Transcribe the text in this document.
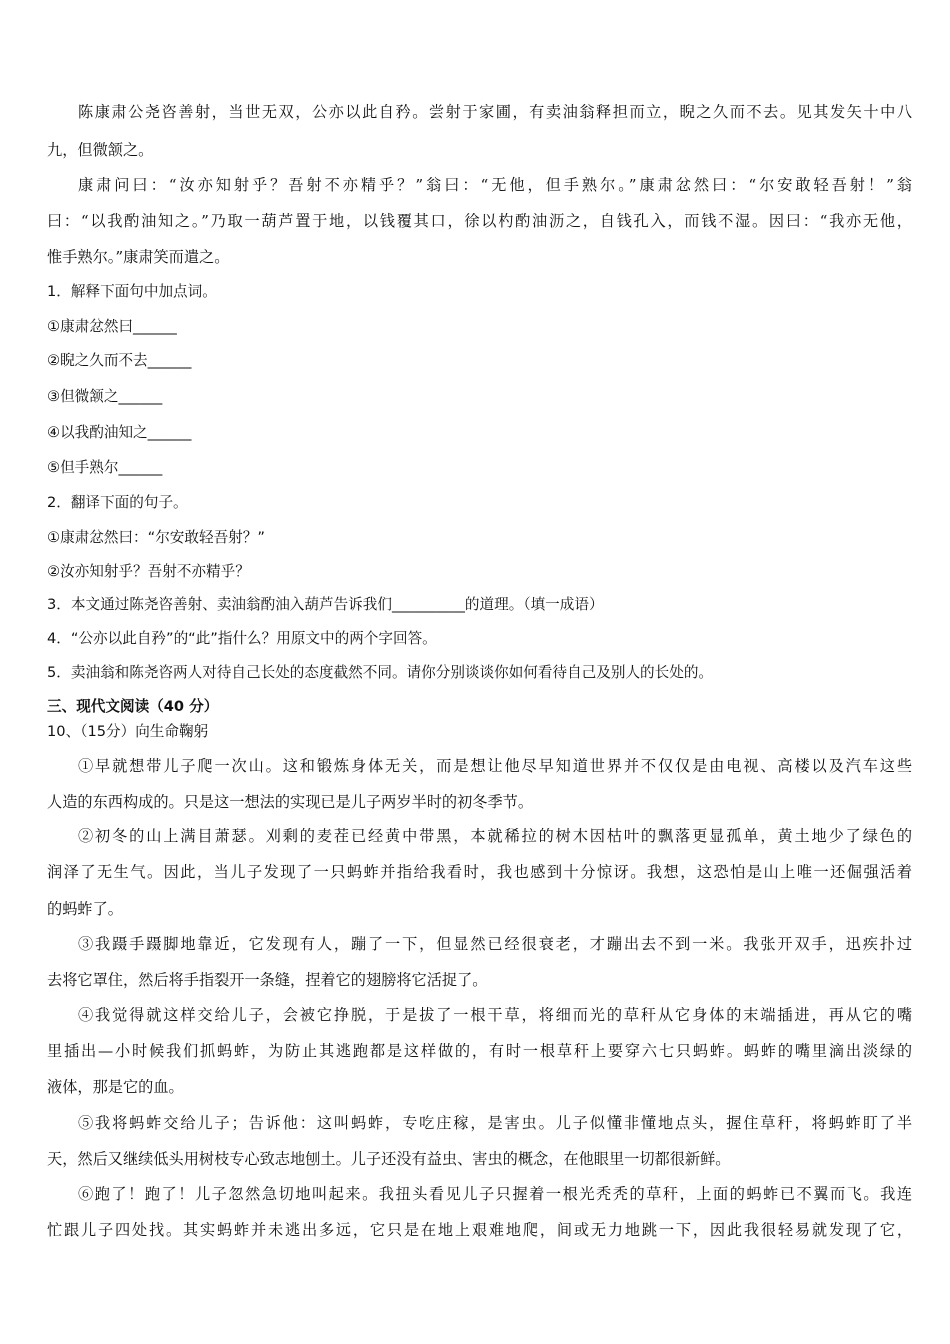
陈康肃公尧咨善射，当世无双，公亦以此自矜。尝射于家圃，有卖油翁释担而立，睨之久而不去。见其发矢十中八
九，但微颔之。
康肃问曰：“汝亦知射乎？吾射不亦精乎？”翁曰：“无他，但手熟尔。”康肃忿然曰：“尔安敢轻吾射！”翁
曰：“以我酌油知之。”乃取一葫芦置于地，以钱覆其口，徐以杓酌油沥之，自钱孔入，而钱不湿。因曰：“我亦无他，
惟手熟尔。”康肃笑而遣之。
1．解释下面句中加点词。
①康肃忿然曰______
②睨之久而不去______
③但微颔之______
④以我酌油知之______
⑤但手熟尔______
2．翻译下面的句子。
①康肃忿然曰：“尔安敢轻吾射？”
②汝亦知射乎？吾射不亦精乎？
3．本文通过陈尧咨善射、卖油翁酌油入葫芦告诉我们__________的道理。（填一成语）
4．“公亦以此自矜”的“此”指什么？用原文中的两个字回答。
5．卖油翁和陈尧咨两人对待自己长处的态度截然不同。请你分别谈谈你如何看待自己及别人的长处的。
三、现代文阅读（40 分）
10、（15分）向生命鞠躬
①早就想带儿子爬一次山。这和锻炼身体无关，而是想让他尽早知道世界并不仅仅是由电视、高楼以及汽车这些
人造的东西构成的。只是这一想法的实现已是儿子两岁半时的初冬季节。
②初冬的山上满目萧瑟。刈剩的麦茬已经黄中带黑，本就稀拉的树木因枯叶的飘落更显孤单，黄土地少了绿色的
润泽了无生气。因此，当儿子发现了一只蚂蚱并指给我看时，我也感到十分惊讶。我想，这恐怕是山上唯一还倔强活着
的蚂蚱了。
③我蹑手蹑脚地靠近，它发现有人，蹦了一下，但显然已经很衰老，才蹦出去不到一米。我张开双手，迅疾扑过
去将它罩住，然后将手指裂开一条缝，捏着它的翅膀将它活捉了。
④我觉得就这样交给儿子，会被它挣脱，于是拔了一根干草，将细而光的草秆从它身体的末端插进，再从它的嘴
里插出—小时候我们抓蚂蚱，为防止其逃跑都是这样做的，有时一根草秆上要穿六七只蚂蚱。蚂蚱的嘴里滴出淡绿的
液体，那是它的血。
⑤我将蚂蚱交给儿子；告诉他：这叫蚂蚱，专吃庄稼，是害虫。儿子似懂非懂地点头，握住草秆，将蚂蚱盯了半
天，然后又继续低头用树枝专心致志地刨土。儿子还没有益虫、害虫的概念，在他眼里一切都很新鲜。
⑥跑了！跑了！儿子忽然急切地叫起来。我扭头看见儿子只握着一根光秃秃的草秆，上面的蚂蚱已不翼而飞。我连
忙跟儿子四处找。其实蚂蚱并未逃出多远，它只是在地上艰难地爬，间或无力地跳一下，因此我很轻易就发现了它，
